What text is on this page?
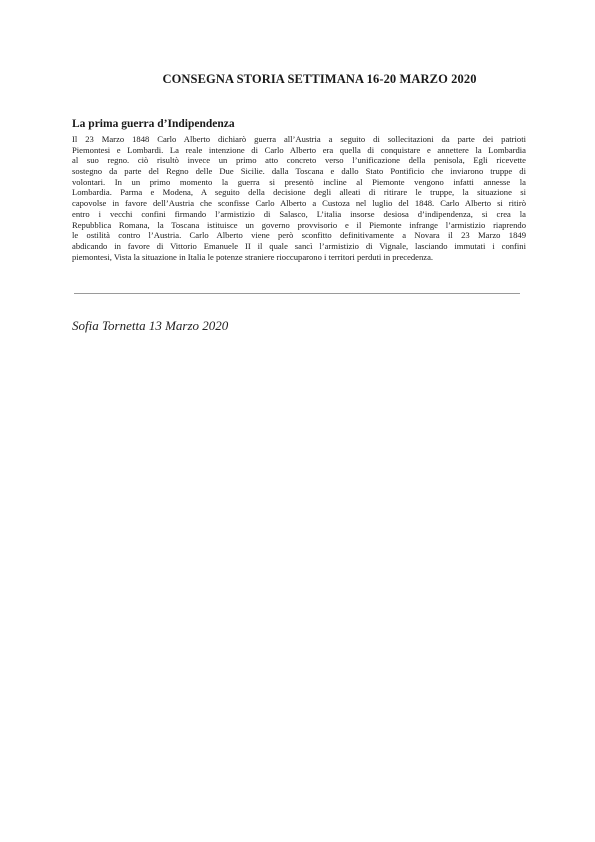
CONSEGNA STORIA SETTIMANA 16-20 MARZO 2020
La prima guerra d’Indipendenza
Il 23 Marzo 1848 Carlo Alberto dichiarò guerra all’Austria a seguito di sollecitazioni da parte dei patrioti
Piemontesi e Lombardi. La reale intenzione di Carlo Alberto era quella di conquistare e annettere la Lombardia
al suo regno. ciò risultò invece un primo atto concreto verso l’unificazione della penisola, Egli ricevette
sostegno da parte del Regno delle Due Sicilie. dalla Toscana e dallo Stato Pontificio che inviarono truppe di
volontari. In un primo momento la guerra si presentò incline al Piemonte vengono infatti annesse la
Lombardia. Parma e Modena, A seguito della decisione degli alleati di ritirare le truppe, la situazione si
capovolse in favore dell’Austria che sconfisse Carlo Alberto a Custoza nel luglio del 1848. Carlo Alberto si ritirò
entro i vecchi confini firmando l’armistizio di Salasco, L’italia insorse desiosa d’indipendenza, si crea la
Repubblica Romana, la Toscana istituisce un governo provvisorio e il Piemonte infrange l’armistizio riaprendo
le ostilità contro l’Austria. Carlo Alberto viene però sconfitto definitivamente a Novara il 23 Marzo 1849
abdicando in favore di Vittorio Emanuele II il quale sancì l’armistizio di Vignale, lasciando immutati i confini
piemontesi, Vista la situazione in Italia le potenze straniere rioccuparono i territori perduti in precedenza.

Sofia Tornetta 13 Marzo 2020
